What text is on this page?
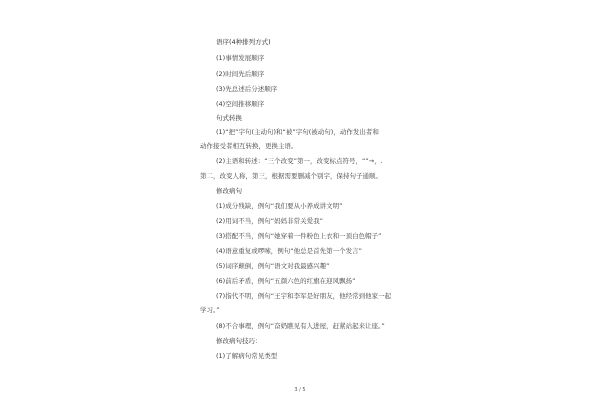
语序(4种排列方式)
(1)事情发展顺序
(2)时间先后顺序
(3)先总述后分述顺序
(4)空间推移顺序
句式转换
(1)“把”字句(主动句)和“被”字句(被动句)，动作发出者和
动作接受者相互转换，更换主语。
(2)主语和转述：“三个改变”第一，改变标点符号，“”→，.
第二，改变人称，第三，根据需要删减个别字，保持句子通顺。
修改病句
(1)成分残缺，例句“我们要从小养成讲文明”
(2)用词不当，例句“妈妈非常关爱我”
(3)搭配不当，例句“她穿着一件粉色上衣和一顶白色帽子”
(4)语意重复或啰嗦，例句“他总是首先第一个发言”
(5)词序颠倒，例句“语文对我最感兴趣”
(6)前后矛盾，例句“五颜六色的红旗在迎风飘扬”
(7)指代不明，例句“王宇和李军是好朋友，他经常到他家一起
学习。”
(8)不合事理，例句“奋奶瞧见有人进屋，赶紧站起来让座。”
修改病句技巧：
(1)了解病句常见类型
3 / 5
